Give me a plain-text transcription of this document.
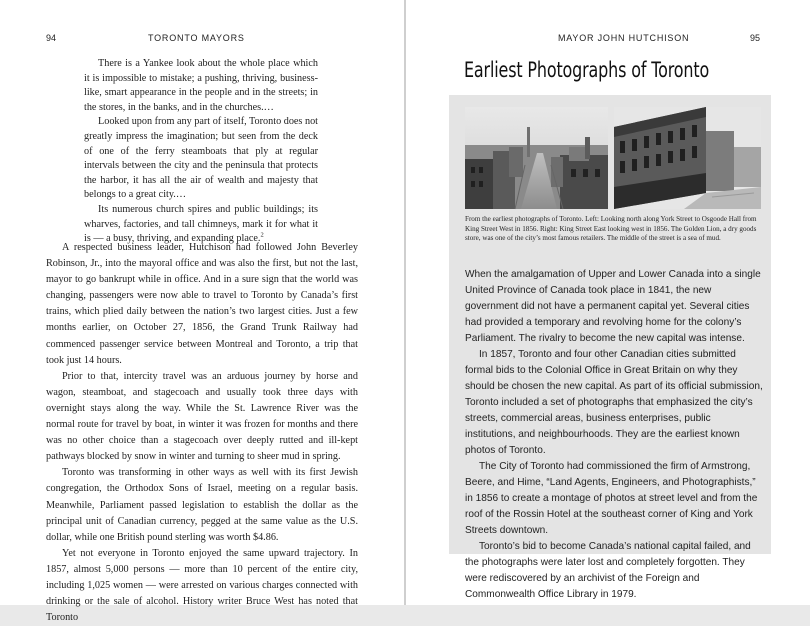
94	TORONTO MAYORS

There is a Yankee look about the whole place which it is impossible to mistake; a pushing, thriving, business-like, smart appearance in the people and in the streets; in the stores, in the banks, and in the churches.…

Looked upon from any part of itself, Toronto does not greatly impress the imagination; but seen from the deck of one of the ferry steamboats that ply at regular intervals between the city and the peninsula that protects the harbor, it has all the air of wealth and majesty that belongs to a great city.…

Its numerous church spires and public buildings; its wharves, factories, and tall chimneys, mark it for what it is — a busy, thriving, and expanding place.$^2$

A respected business leader, Hutchison had followed John Beverley Robinson, Jr., into the mayoral office and was also the first, but not the last, mayor to go bankrupt while in office. And in a sure sign that the world was changing, passengers were now able to travel to Toronto by Canada’s first trains, which plied daily between the nation’s two largest cities. Just a few months earlier, on October 27, 1856, the Grand Trunk Railway had commenced passenger service between Montreal and Toronto, a trip that took just 14 hours.

Prior to that, intercity travel was an arduous journey by horse and wagon, steamboat, and stagecoach and usually took three days with overnight stays along the way. While the St. Lawrence River was the normal route for travel by boat, in winter it was frozen for months and there was no other choice than a stagecoach over deeply rutted and ill-kept pathways blocked by snow in winter and turning to sheer mud in spring.

Toronto was transforming in other ways as well with its first Jewish congregation, the Orthodox Sons of Israel, meeting on a regular basis. Meanwhile, Parliament passed legislation to establish the dollar as the principal unit of Canadian currency, pegged at the same value as the U.S. dollar, while one British pound sterling was worth $4.86.

Yet not everyone in Toronto enjoyed the same upward trajectory. In 1857, almost 5,000 persons — more than 10 percent of the entire city, including 1,025 women — were arrested on various charges connected with drinking or the sale of alcohol. History writer Bruce West has noted that Toronto

MAYOR JOHN HUTCHISON	95
Earliest Photographs of Toronto
From the earliest photographs of Toronto. Left: Looking north along York Street to Osgoode Hall from King Street West in 1856. Right: King Street East looking west in 1856. The Golden Lion, a dry goods store, was one of the city’s most famous retailers. The middle of the street is a sea of mud.

When the amalgamation of Upper and Lower Canada into a single United Province of Canada took place in 1841, the new government did not have a permanent capital yet. Several cities had provided a temporary and revolving home for the colony’s Parliament. The rivalry to become the new capital was intense.

In 1857, Toronto and four other Canadian cities submitted formal bids to the Colonial Office in Great Britain on why they should be chosen the new capital. As part of its official submission, Toronto included a set of photographs that emphasized the city’s streets, commercial areas, business enterprises, public institutions, and neighbourhoods. They are the earliest known photos of Toronto.

The City of Toronto had commissioned the firm of Armstrong, Beere, and Hime, “Land Agents, Engineers, and Photographists,” in 1856 to create a montage of photos at street level and from the roof of the Rossin Hotel at the southeast corner of King and York Streets downtown.

Toronto’s bid to become Canada’s national capital failed, and the photographs were later lost and completely forgotten. They were rediscovered by an archivist of the Foreign and Commonwealth Office Library in 1979.
